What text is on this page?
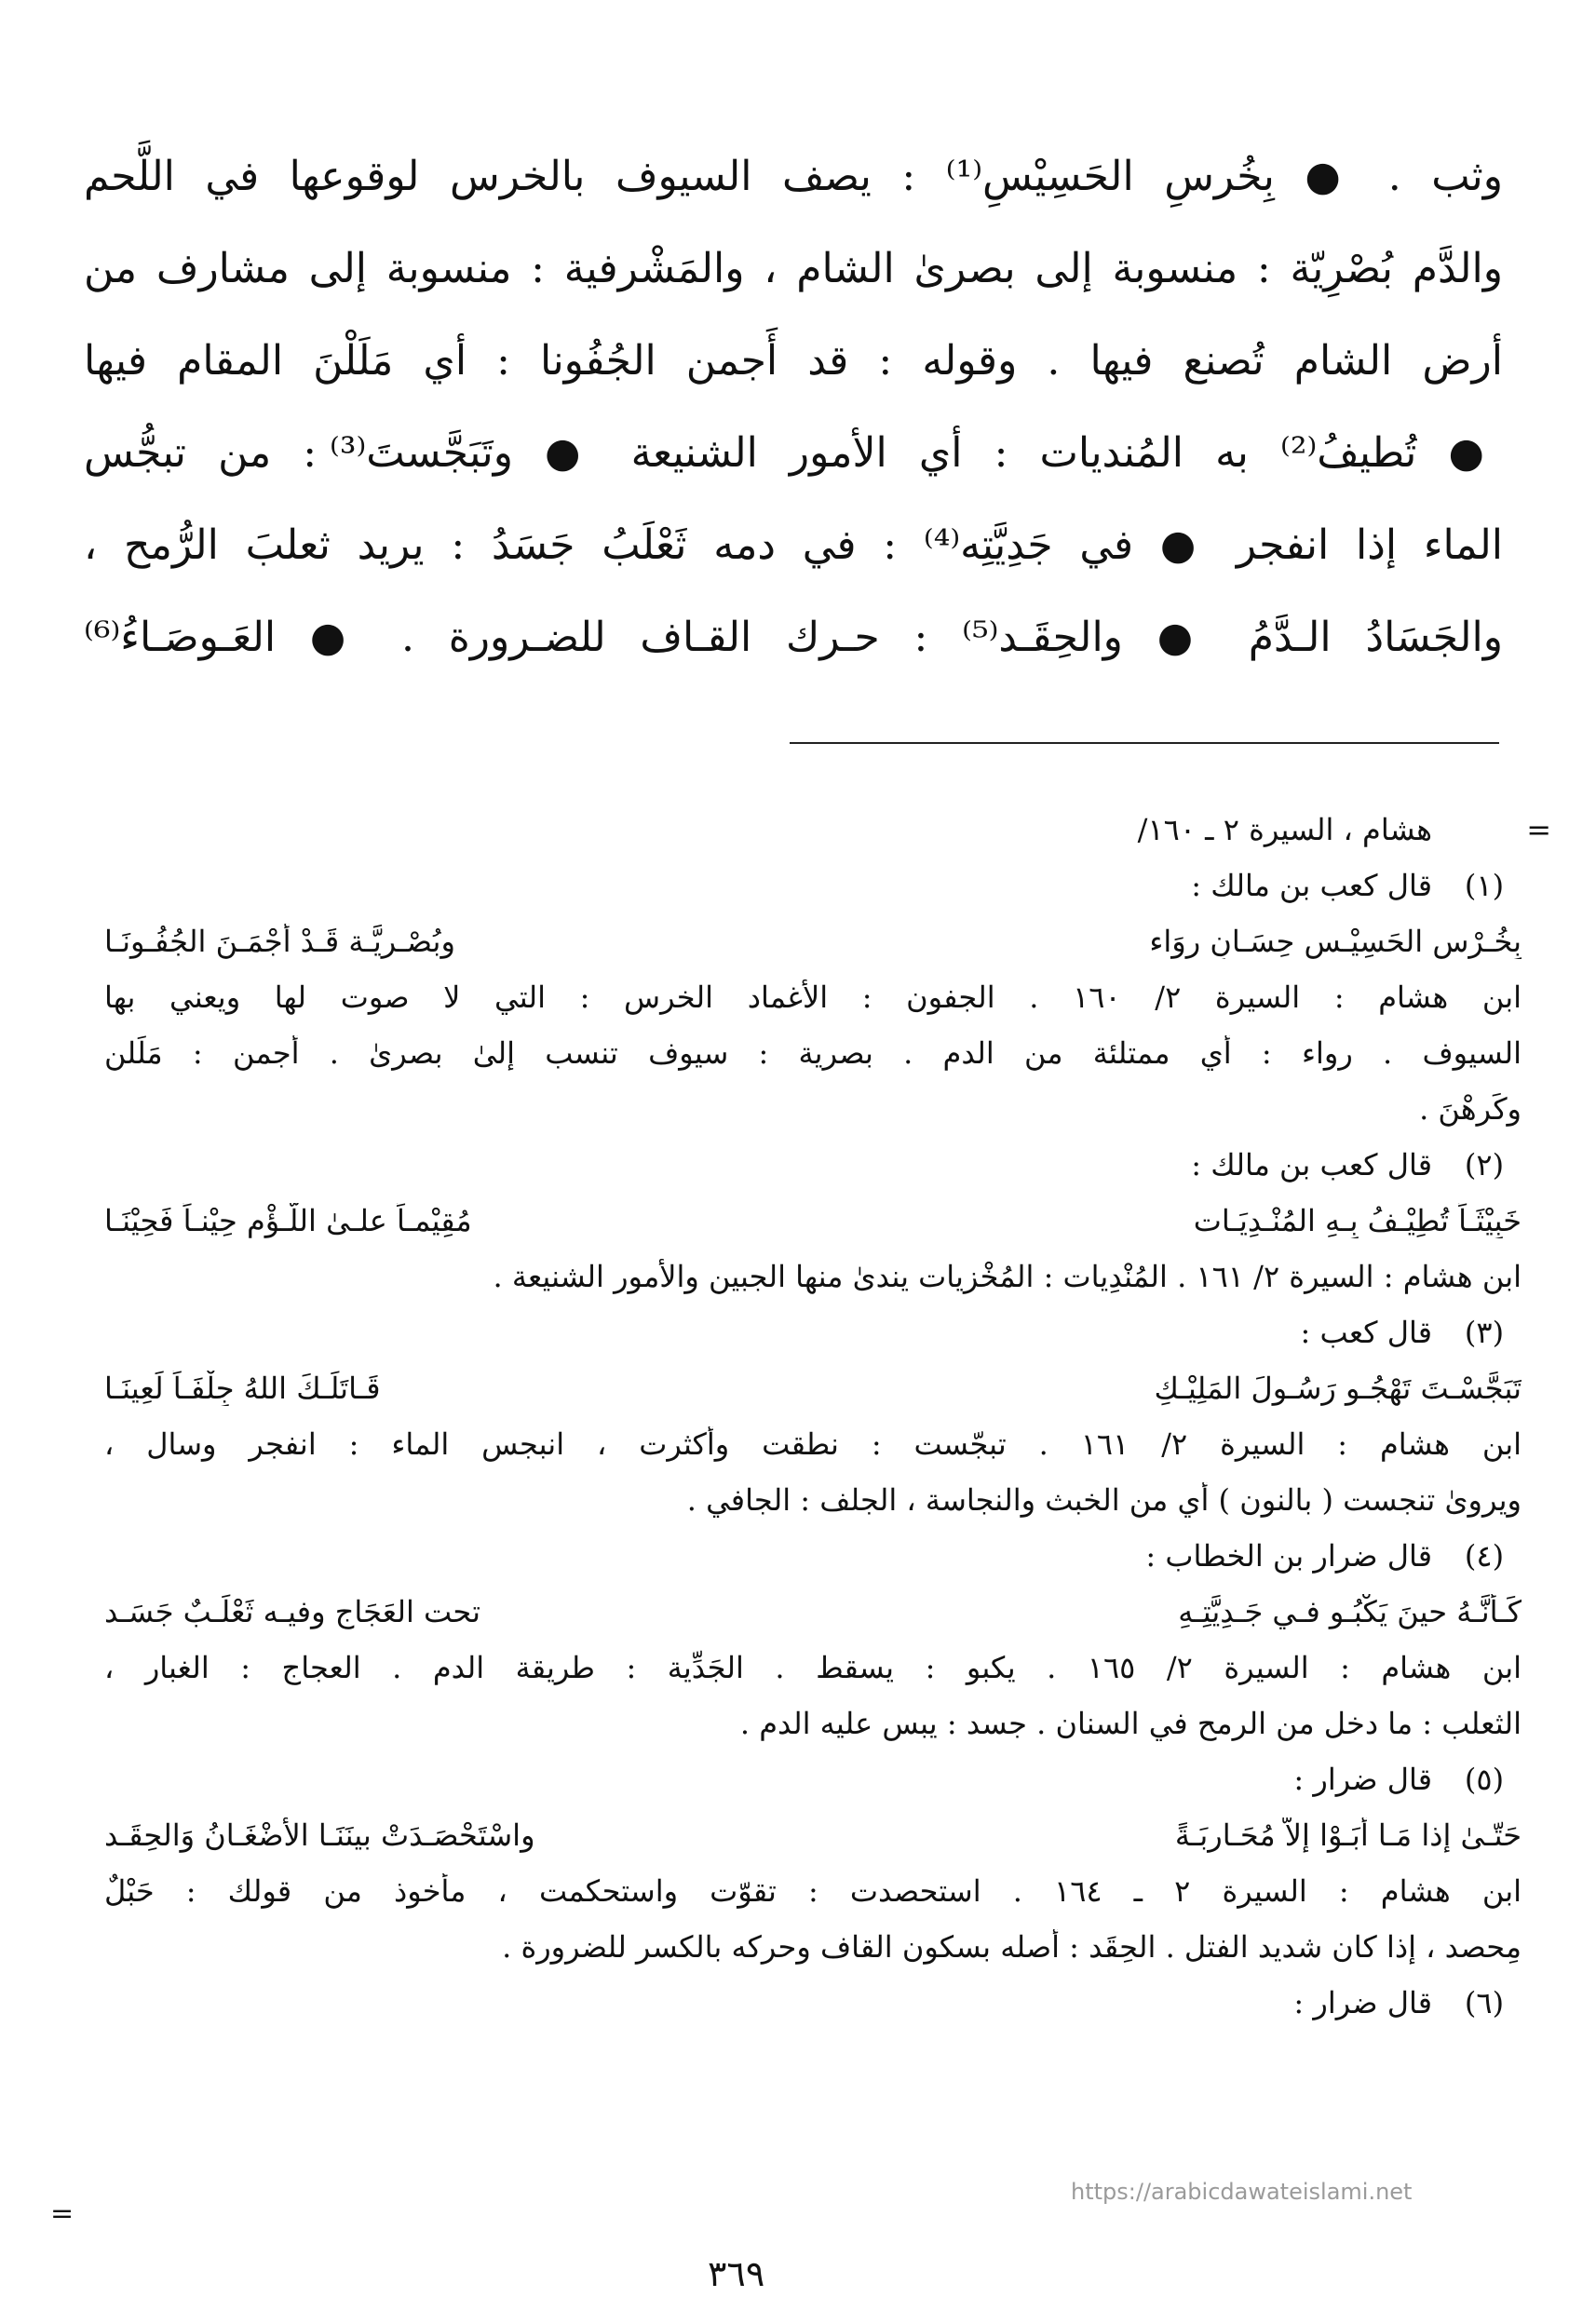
وثب . ● بِخُرسِ الحَسِيْسِ⁽¹⁾ : يصف السيوف بالخرس لوقوعها في اللَّحم
والدَّم بُصْرِيّة : منسوبة إلى بصرىٰ الشام ، والمَشْرفية : منسوبة إلى مشارف من
أرض الشام تُصنع فيها . وقوله : قد أَجمن الجُفُونا : أي مَلَلْنَ المقام فيها
● تُطيفُ⁽²⁾ به المُنديات : أي الأمور الشنيعة ● وتَبَجَّستَ⁽³⁾ : من تبجُّس
الماء إذا انفجر ● في جَدِيَّتِه⁽⁴⁾ : في دمه ثَعْلَبُ جَسَدُ : يريد ثعلبَ الرُّمح ،
والجَسَادُ الـدَّمُ ● والحِقَـد⁽⁵⁾ : حـرك القـاف للضـرورة . ● العَـوصَـاءُ⁽⁶⁾
=
هشام ، السيرة ٢ ـ ١٦٠/
(١)
قال كعب بن مالك :
بِخُـرْسِ الحَسِيْـسِ حِسَـانٍ رِوَاء
وبُصْـرِيَّـة قَـدْ أَجْمَـنَ الجُفُـونَـا
ابن هشام : السيرة ٢/ ١٦٠ . الجفون : الأغماد الخرس : التي لا صوت لها ويعني بها
السيوف . رواء : أي ممتلئة من الدم . بصرية : سيوف تنسب إلىٰ بصرىٰ . أَجمن : مَلَلن
وكَرِهْنَ .
(٢)
قال كعب بن مالك :
خَبِيْثَـاً تُطِيْـفُ بِـهِ المُنْـدِيَـات
مُقِيْمـاً علـىٰ اللُّـؤْمِ حِيْنـاً فَحِيْنَـا
ابن هشام : السيرة ٢/ ١٦١ . المُنْدِيات : المُخْزيات يندىٰ منها الجبين والأمور الشنيعة .
(٣)
قال كعب :
تَبَجَّسْـتَ تَهْجُـو رَسُـولَ المَلِيْـكِ
قَـاتَلَـكَ اللهُ جِلْفَـاً لَعِينَـا
ابن هشام : السيرة ٢/ ١٦١ . تبجّست : نطقت وأكثرت ، انبجس الماء : انفجر وسال ،
ويروىٰ تنجست ( بالنون ) أي من الخبث والنجاسة ، الجلف : الجافي .
(٤)
قال ضرار بن الخطاب :
كَـأَنَّـهُ حينَ يَكْبُـو فـي جَـدِيَّتِـهِ
تحت العَجَاجِ وفيـه ثَعْلَـبٌ جَسَـد
ابن هشام : السيرة ٢/ ١٦٥ . يكبو : يسقط . الجَدِّية : طريقة الدم . العجاج : الغبار ،
الثعلب : ما دخل من الرمح في السنان . جسد : يبس عليه الدم .
(٥)
قال ضرار :
حَتّـىٰ إذا مَـا أَبَـوْا إلاّ مُحَـارِبَـةً
واسْتَحْصَـدَتْ بينَنَـا الأَضْغَـانُ وَالحِقَـد
ابن هشام : السيرة ٢ ـ ١٦٤ . استحصدت : تقوّت واستحكمت ، مأخوذ من قولك : حَبْلٌ
مِحصد ، إذا كان شديد الفتل . الحِقَد : أصله بسكون القاف وحركه بالكسر للضرورة .
(٦)
قال ضرار :
https://arabicdawateislami.net
=
٣٦٩
